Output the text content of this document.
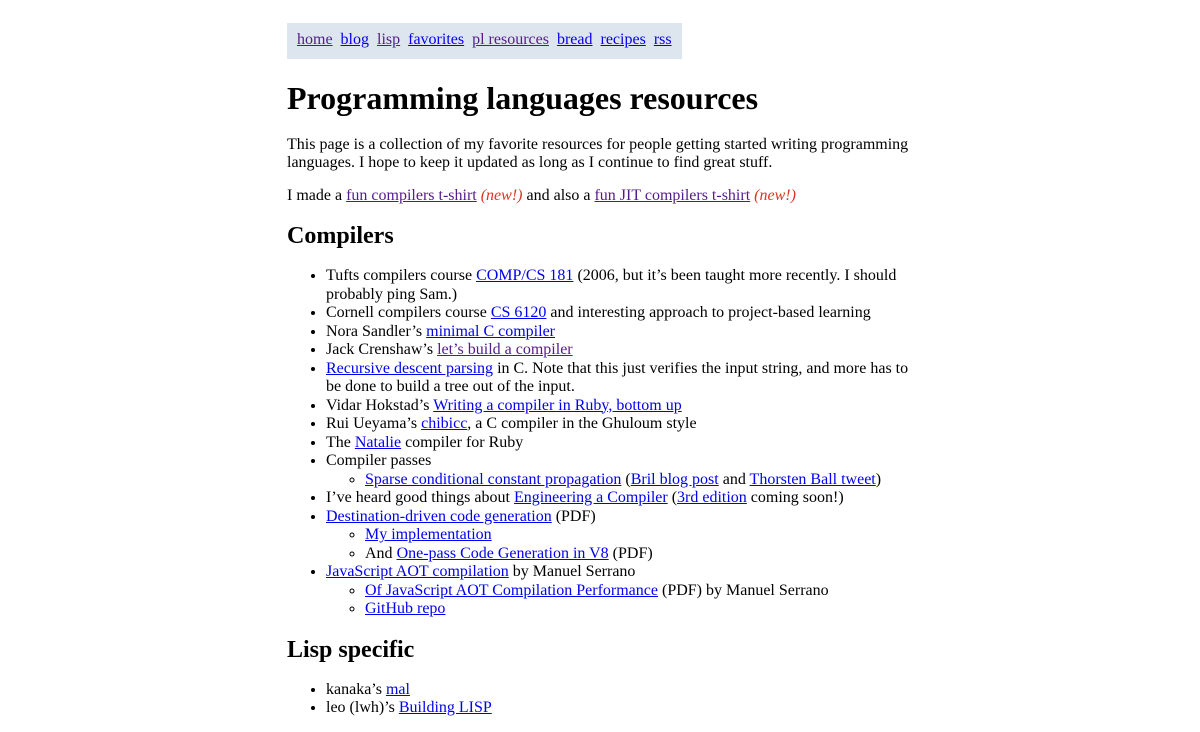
home blog lisp favorites pl resources bread recipes rss
Programming languages resources

This page is a collection of my favorite resources for people getting started writing programming languages. I hope to keep it updated as long as I continue to find great stuff.

I made a fun compilers t-shirt (new!) and also a fun JIT compilers t-shirt (new!)

Compilers
• Tufts compilers course COMP/CS 181 (2006, but it’s been taught more recently. I should probably ping Sam.)
• Cornell compilers course CS 6120 and interesting approach to project-based learning
• Nora Sandler’s minimal C compiler
• Jack Crenshaw’s let’s build a compiler
• Recursive descent parsing in C. Note that this just verifies the input string, and more has to be done to build a tree out of the input.
• Vidar Hokstad’s Writing a compiler in Ruby, bottom up
• Rui Ueyama’s chibicc, a C compiler in the Ghuloum style
• The Natalie compiler for Ruby
• Compiler passes
◦ Sparse conditional constant propagation (Bril blog post and Thorsten Ball tweet)
• I’ve heard good things about Engineering a Compiler (3rd edition coming soon!)
• Destination-driven code generation (PDF)
◦ My implementation
◦ And One-pass Code Generation in V8 (PDF)
• JavaScript AOT compilation by Manuel Serrano
◦ Of JavaScript AOT Compilation Performance (PDF) by Manuel Serrano
◦ GitHub repo
Lisp specific
• kanaka’s mal
• leo (lwh)’s Building LISP
